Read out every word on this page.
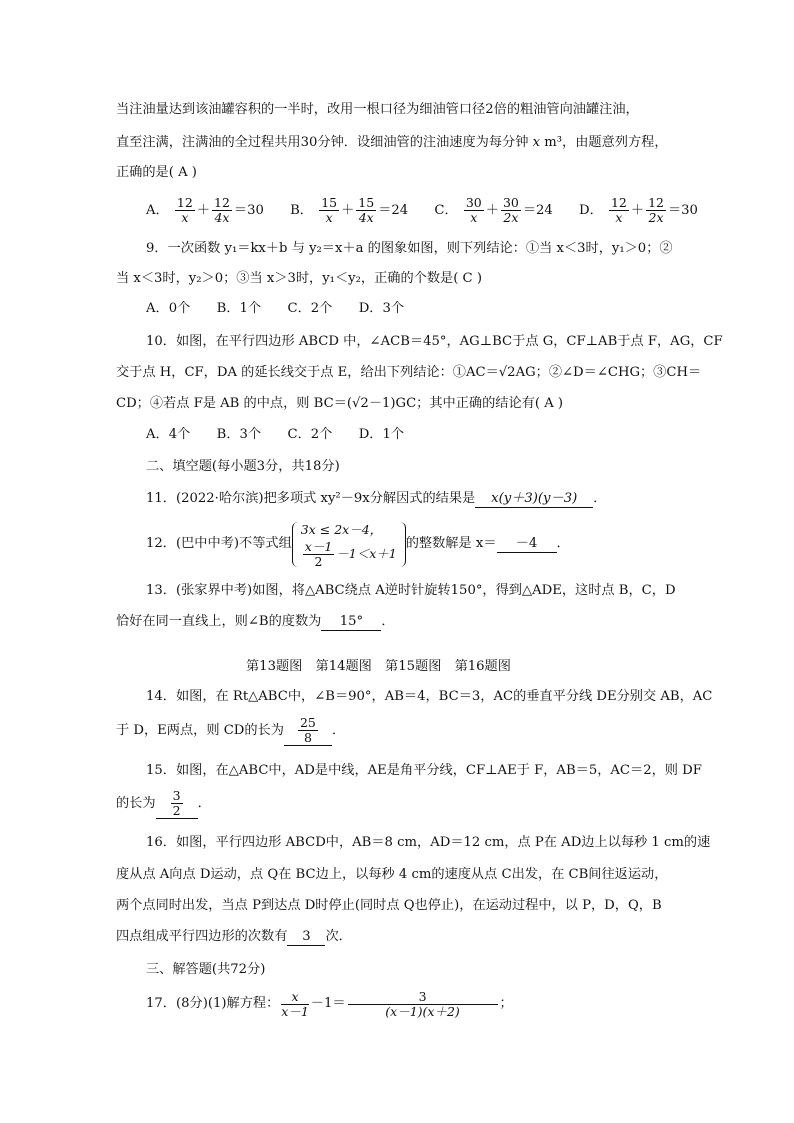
当注油量达到该油罐容积的一半时，改用一根口径为细油管口径2倍的粗油管向油罐注油，
直至注满，注满油的全过程共用30分钟．设细油管的注油速度为每分钟 x m³，由题意列方程，
正确的是( A )
A． $\frac{12}{x} + \frac{12}{4x} =30$ B． $\frac{15}{x} + \frac{15}{4x} =24$ C． $\frac{30}{x} + \frac{30}{2x} =24$ D． $\frac{12}{x} + \frac{12}{2x} =30$
9．一次函数 y₁＝kx＋b 与 y₂＝x＋a 的图象如图，则下列结论：①当 x＜3时，y₁＞0；②
当 x＜3时，y₂＞0；③当 x＞3时，y₁＜y₂，正确的个数是( C )
A．0个　　B．1个　　C．2个　　D．3个
10．如图，在平行四边形 ABCD 中，∠ACB＝45°，AG⊥BC于点 G，CF⊥AB于点 F，AG，CF
交于点 H，CF，DA 的延长线交于点 E，给出下列结论：①AC＝√2AG；②∠D＝∠CHG；③CH＝
CD；④若点 F是 AB 的中点，则 BC＝(√2－1)GC；其中正确的结论有( A )
A．4个　　B．3个　　C．2个　　D．1个
二、填空题(每小题3分，共18分)
11．(2022·哈尔滨)把多项式 xy²－9x分解因式的结果是 x(y＋3)(y－3) ．
12．(巴中中考)不等式组
3x ≤ 2x－4，
$\frac{x-1}{2} -1<x+1$
的整数解是 x＝	－4	．
13．(张家界中考)如图，将△ABC绕点 A逆时针旋转150°，得到△ADE，这时点 B，C，D
恰好在同一直线上，则∠B的度数为 15° ．
第13题图　第14题图　第15题图　第16题图
14．如图，在 Rt△ABC中，∠B＝90°，AB＝4，BC＝3，AC的垂直平分线 DE分别交 AB，AC
于 D，E两点，则 CD的长为 $\frac{25}{8}$ ．
15．如图，在△ABC中，AD是中线，AE是角平分线，CF⊥AE于 F，AB＝5，AC＝2，则 DF
的长为 $\frac{3}{2}$ ．
16．如图，平行四边形 ABCD中，AB＝8 cm，AD＝12 cm，点 P在 AD边上以每秒 1 cm的速
度从点 A向点 D运动，点 Q在 BC边上，以每秒 4 cm的速度从点 C出发，在 CB间往返运动，
两个点同时出发，当点 P到达点 D时停止(同时点 Q也停止)，在运动过程中，以 P，D，Q，B
四点组成平行四边形的次数有 3 次．
三、解答题(共72分)
17．(8分)(1)解方程： $\frac{x}{x-1} -1= \frac{3}{(x-1)(x+2)}$ ；
